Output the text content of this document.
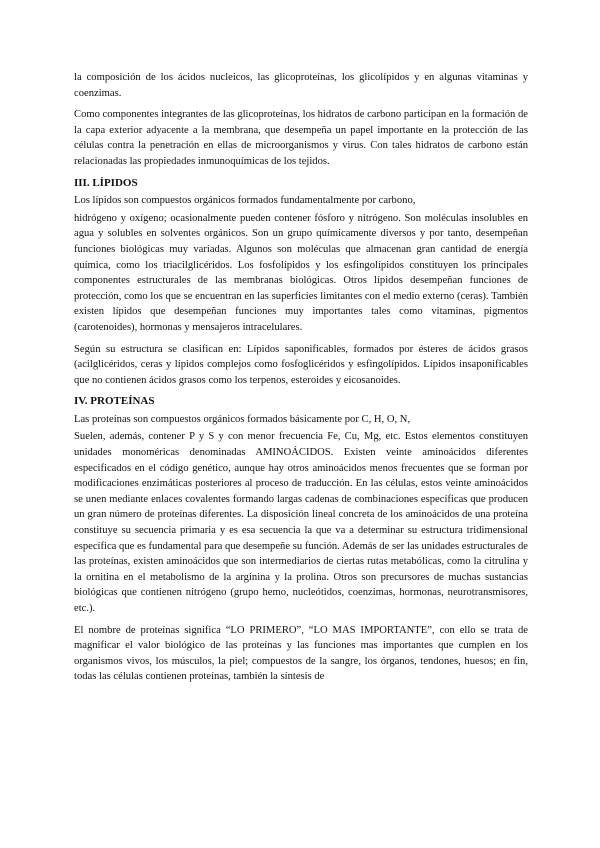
la composición de los ácidos nucleicos, las glicoproteínas, los glicolípidos y en algunas vitaminas y coenzimas.

Como componentes integrantes de las glicoproteínas, los hidratos de carbono participan en la formación de la capa exterior adyacente a la membrana, que desempeña un papel importante en la protección de las células contra la penetración en ellas de microorganismos y virus. Con tales hidratos de carbono están relacionadas las propiedades inmunoquímicas de los tejidos.

III. LÍPIDOS

Los lípidos son compuestos orgánicos formados fundamentalmente por carbono,

hidrógeno y oxígeno; ocasionalmente pueden contener fósforo y nitrógeno. Son moléculas insolubles en agua y solubles en solventes orgánicos. Son un grupo químicamente diversos y por tanto, desempeñan funciones biológicas muy variadas. Algunos son moléculas que almacenan gran cantidad de energía química, como los triacilglicéridos. Los fosfolípidos y los esfingolípidos constituyen los principales componentes estructurales de las membranas biológicas. Otros lípidos desempeñan funciones de protección, como los que se encuentran en las superficies limitantes con el medio externo (ceras). También existen lípidos que desempeñan funciones muy importantes tales como vitaminas, pigmentos (carotenoides), hormonas y mensajeros intracelulares.

Según su estructura se clasifican en: Lípidos saponificables, formados por ésteres de ácidos grasos (acilglicéridos, ceras y lípidos complejos como fosfoglicéridos y esfingolípidos. Lípidos insaponificables que no contienen ácidos grasos como los terpenos, esteroides y eicosanoides.

IV. PROTEÍNAS

Las proteínas son compuestos orgánicos formados básicamente por C, H, O, N,

Suelen, además, contener P y S y con menor frecuencia Fe, Cu, Mg, etc. Estos elementos constituyen unidades monoméricas denominadas AMINOÁCIDOS. Existen veinte aminoácidos diferentes especificados en el código genético, aunque hay otros aminoácidos menos frecuentes que se forman por modificaciones enzimáticas posteriores al proceso de traducción. En las células, estos veinte aminoácidos se unen mediante enlaces covalentes formando largas cadenas de combinaciones específicas que producen un gran número de proteínas diferentes. La disposición lineal concreta de los aminoácidos de una proteína constituye su secuencia primaria y es esa secuencia la que va a determinar su estructura tridimensional específica que es fundamental para que desempeñe su función. Además de ser las unidades estructurales de las proteínas, existen aminoácidos que son intermediarios de ciertas rutas metabólicas, como la citrulina y la ornitina en el metabolismo de la arginina y la prolina. Otros son precursores de muchas sustancias biológicas que contienen nitrógeno (grupo hemo, nucleótidos, coenzimas, hormonas, neurotransmisores, etc.).

El nombre de proteínas significa “LO PRIMERO”, “LO MAS IMPORTANTE”, con ello se trata de magnificar el valor biológico de las proteínas y las funciones mas importantes que cumplen en los organismos vivos, los músculos, la piel; compuestos de la sangre, los órganos, tendones, huesos; en fin, todas las células contienen proteínas, también la síntesis de
